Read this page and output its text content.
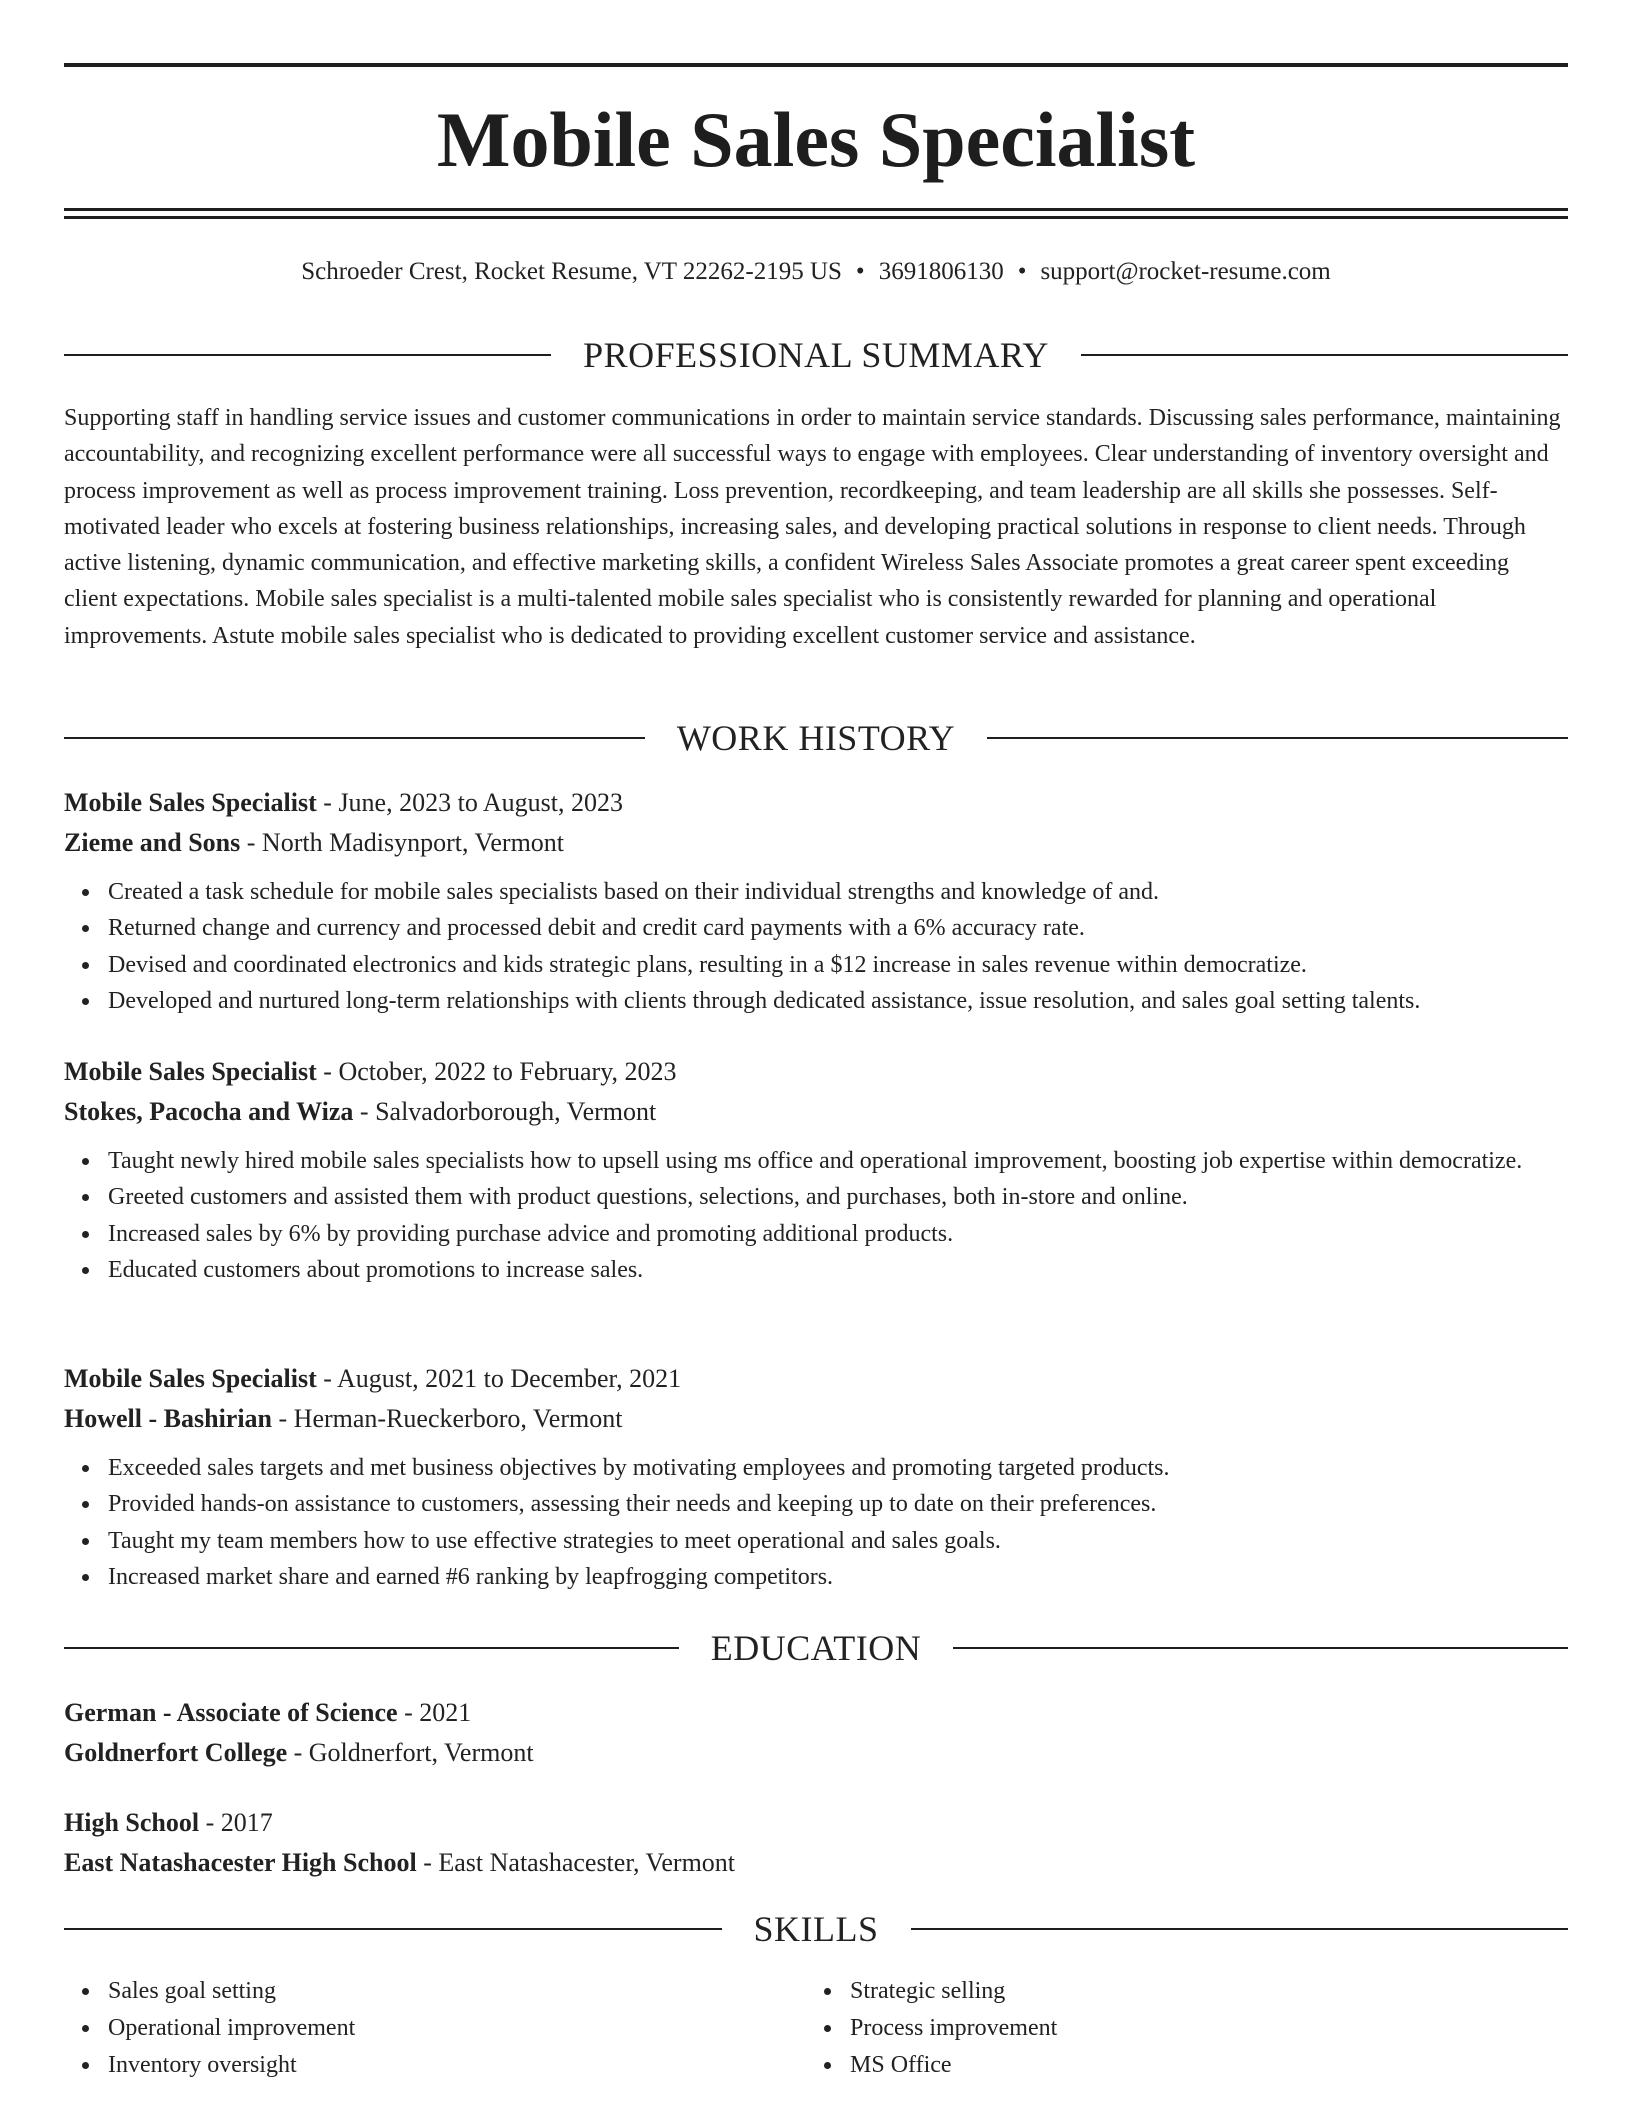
Mobile Sales Specialist
Schroeder Crest, Rocket Resume, VT 22262-2195 US • 3691806130 • support@rocket-resume.com
PROFESSIONAL SUMMARY

Supporting staff in handling service issues and customer communications in order to maintain service standards. Discussing sales performance, maintaining accountability, and recognizing excellent performance were all successful ways to engage with employees. Clear understanding of inventory oversight and process improvement as well as process improvement training. Loss prevention, recordkeeping, and team leadership are all skills she possesses. Self-motivated leader who excels at fostering business relationships, increasing sales, and developing practical solutions in response to client needs. Through active listening, dynamic communication, and effective marketing skills, a confident Wireless Sales Associate promotes a great career spent exceeding client expectations. Mobile sales specialist is a multi-talented mobile sales specialist who is consistently rewarded for planning and operational improvements. Astute mobile sales specialist who is dedicated to providing excellent customer service and assistance.

WORK HISTORY
Mobile Sales Specialist - June, 2023 to August, 2023
Zieme and Sons - North Madisynport, Vermont
Created a task schedule for mobile sales specialists based on their individual strengths and knowledge of and.
Returned change and currency and processed debit and credit card payments with a 6% accuracy rate.
Devised and coordinated electronics and kids strategic plans, resulting in a $12 increase in sales revenue within democratize.
Developed and nurtured long-term relationships with clients through dedicated assistance, issue resolution, and sales goal setting talents.
Mobile Sales Specialist - October, 2022 to February, 2023
Stokes, Pacocha and Wiza - Salvadorborough, Vermont
Taught newly hired mobile sales specialists how to upsell using ms office and operational improvement, boosting job expertise within democratize.
Greeted customers and assisted them with product questions, selections, and purchases, both in-store and online.
Increased sales by 6% by providing purchase advice and promoting additional products.
Educated customers about promotions to increase sales.
Mobile Sales Specialist - August, 2021 to December, 2021
Howell - Bashirian - Herman-Rueckerboro, Vermont
Exceeded sales targets and met business objectives by motivating employees and promoting targeted products.
Provided hands-on assistance to customers, assessing their needs and keeping up to date on their preferences.
Taught my team members how to use effective strategies to meet operational and sales goals.
Increased market share and earned #6 ranking by leapfrogging competitors.
EDUCATION
German - Associate of Science - 2021
Goldnerfort College - Goldnerfort, Vermont
High School - 2017
East Natashacester High School - East Natashacester, Vermont
SKILLS
Sales goal setting
Operational improvement
Inventory oversight
Strategic selling
Process improvement
MS Office
